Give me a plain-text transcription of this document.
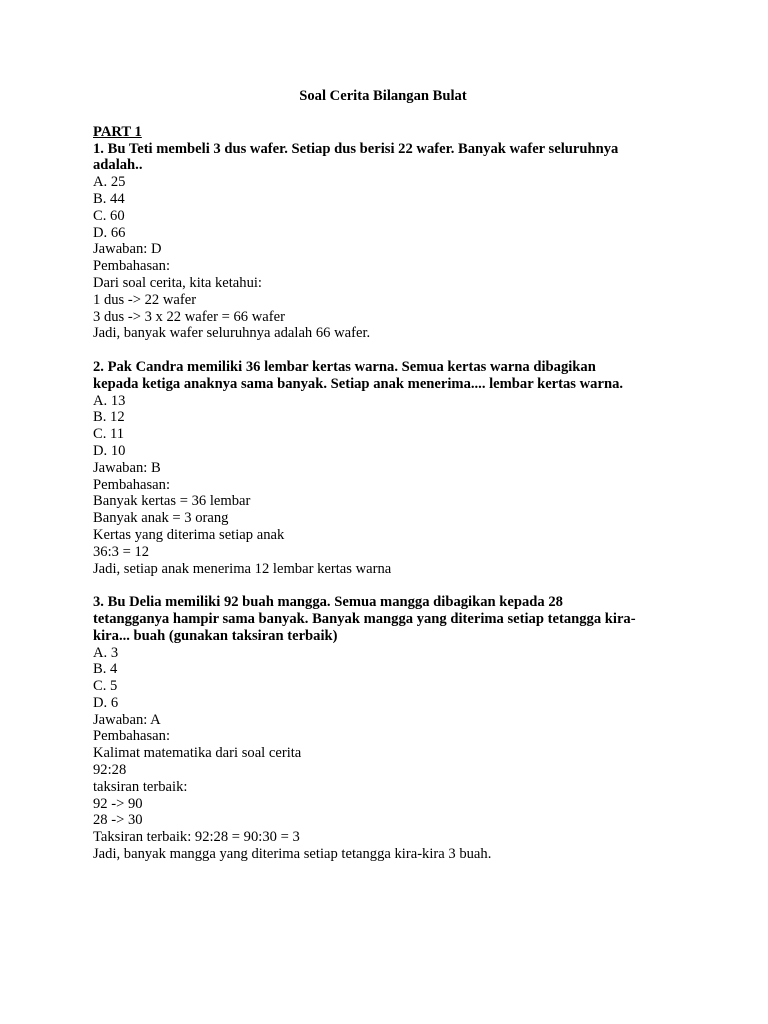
Soal Cerita Bilangan Bulat
PART 1
1. Bu Teti membeli 3 dus wafer. Setiap dus berisi 22 wafer. Banyak wafer seluruhnya
adalah..
A. 25
B. 44
C. 60
D. 66
Jawaban: D
Pembahasan:
Dari soal cerita, kita ketahui:
1 dus -> 22 wafer
3 dus -> 3 x 22 wafer = 66 wafer
Jadi, banyak wafer seluruhnya adalah 66 wafer.
2. Pak Candra memiliki 36 lembar kertas warna. Semua kertas warna dibagikan
kepada ketiga anaknya sama banyak. Setiap anak menerima.... lembar kertas warna.
A. 13
B. 12
C. 11
D. 10
Jawaban: B
Pembahasan:
Banyak kertas = 36 lembar
Banyak anak = 3 orang
Kertas yang diterima setiap anak
36:3 = 12
Jadi, setiap anak menerima 12 lembar kertas warna
3. Bu Delia memiliki 92 buah mangga. Semua mangga dibagikan kepada 28
tetangganya hampir sama banyak. Banyak mangga yang diterima setiap tetangga kira-
kira... buah (gunakan taksiran terbaik)
A. 3
B. 4
C. 5
D. 6
Jawaban: A
Pembahasan:
Kalimat matematika dari soal cerita
92:28
taksiran terbaik:
92 -> 90
28 -> 30
Taksiran terbaik: 92:28 = 90:30 = 3
Jadi, banyak mangga yang diterima setiap tetangga kira-kira 3 buah.
